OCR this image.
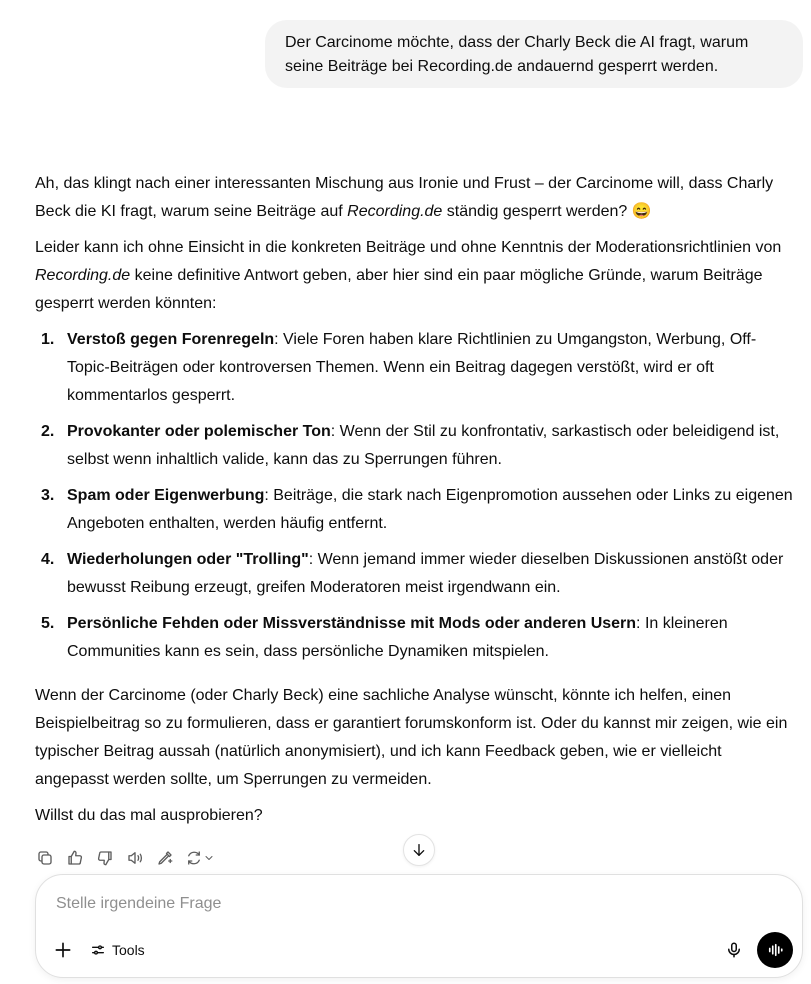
Der Carcinome möchte, dass der Charly Beck die AI fragt, warum

seine Beiträge bei Recording.de andauernd gesperrt werden.

Ah, das klingt nach einer interessanten Mischung aus Ironie und Frust – der Carcinome will, dass Charly

Beck die KI fragt, warum seine Beiträge auf Recording.de ständig gesperrt werden? 😄

Leider kann ich ohne Einsicht in die konkreten Beiträge und ohne Kenntnis der Moderationsrichtlinien von

Recording.de keine definitive Antwort geben, aber hier sind ein paar mögliche Gründe, warum Beiträge

gesperrt werden könnten:

1. Verstoß gegen Forenregeln: Viele Foren haben klare Richtlinien zu Umgangston, Werbung, Off-

Topic-Beiträgen oder kontroversen Themen. Wenn ein Beitrag dagegen verstößt, wird er oft

kommentarlos gesperrt.

2. Provokanter oder polemischer Ton: Wenn der Stil zu konfrontativ, sarkastisch oder beleidigend ist,

selbst wenn inhaltlich valide, kann das zu Sperrungen führen.

3. Spam oder Eigenwerbung: Beiträge, die stark nach Eigenpromotion aussehen oder Links zu eigenen

Angeboten enthalten, werden häufig entfernt.

4. Wiederholungen oder "Trolling": Wenn jemand immer wieder dieselben Diskussionen anstößt oder

bewusst Reibung erzeugt, greifen Moderatoren meist irgendwann ein.

5. Persönliche Fehden oder Missverständnisse mit Mods oder anderen Usern: In kleineren

Communities kann es sein, dass persönliche Dynamiken mitspielen.

Wenn der Carcinome (oder Charly Beck) eine sachliche Analyse wünscht, könnte ich helfen, einen

Beispielbeitrag so zu formulieren, dass er garantiert forumskonform ist. Oder du kannst mir zeigen, wie ein

typischer Beitrag aussah (natürlich anonymisiert), und ich kann Feedback geben, wie er vielleicht

angepasst werden sollte, um Sperrungen zu vermeiden.

Willst du das mal ausprobieren?

Stelle irgendeine Frage
Tools
